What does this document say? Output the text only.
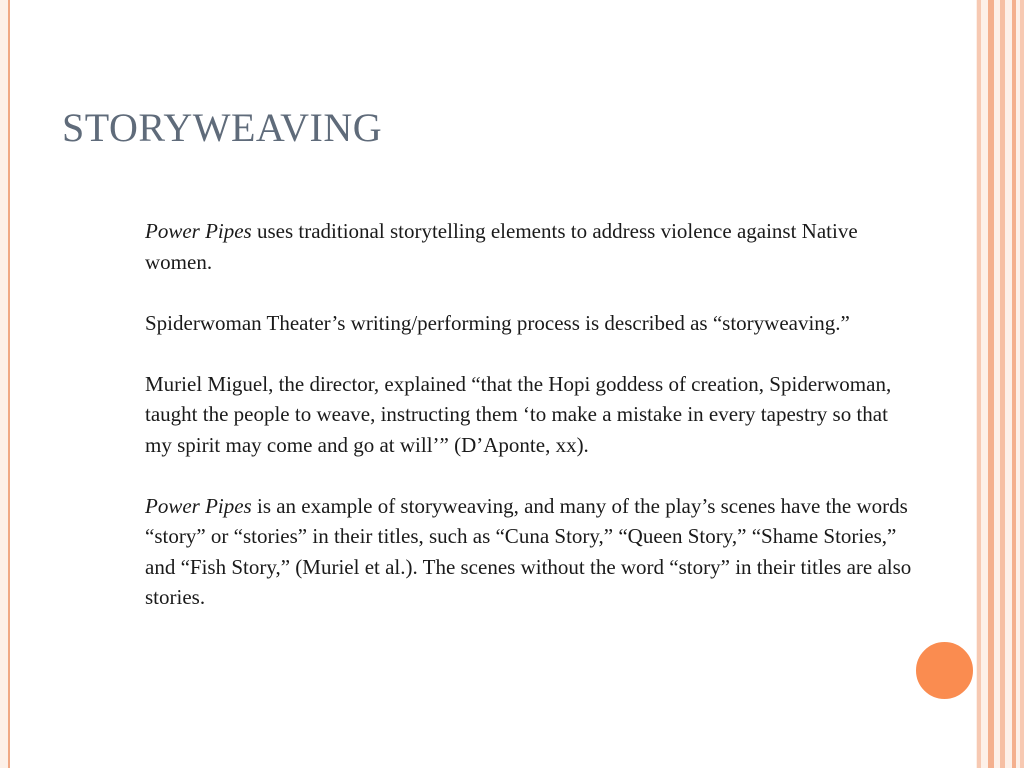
STORYWEAVING

Power Pipes uses traditional storytelling elements to address violence against Native women.

Spiderwoman Theater’s writing/performing process is described as “storyweaving.”

Muriel Miguel, the director, explained “that the Hopi goddess of creation, Spiderwoman, taught the people to weave, instructing them ‘to make a mistake in every tapestry so that my spirit may come and go at will’” (D’Aponte, xx).

Power Pipes is an example of storyweaving, and many of the play’s scenes have the words “story” or “stories” in their titles, such as “Cuna Story,” “Queen Story,” “Shame Stories,” and “Fish Story,” (Muriel et al.). The scenes without the word “story” in their titles are also stories.
